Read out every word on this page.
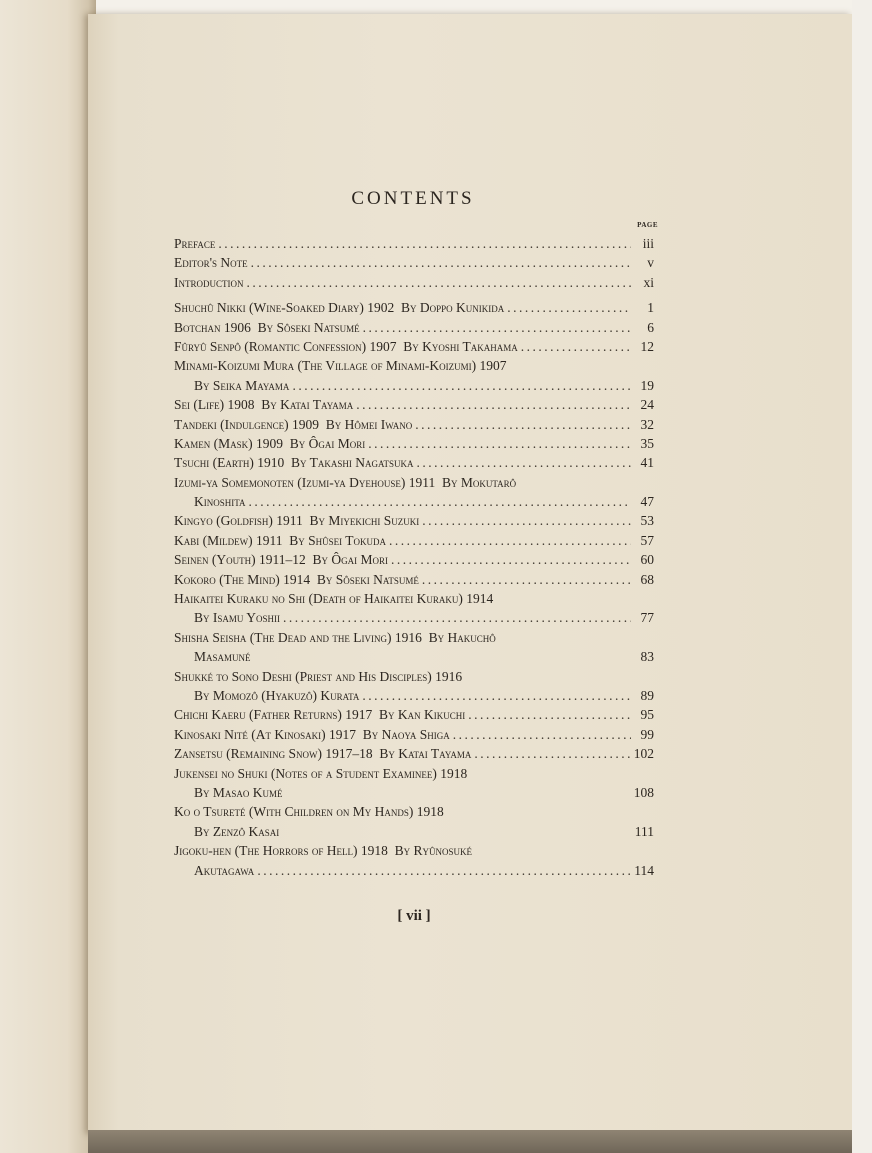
CONTENTS
PAGE
Preface .....	iii
Editor's Note .....	v
Introduction .....	xi
Shuchû Nikki (Wine-Soaked Diary) 1902
By Doppo Kunikida .....	1
Botchan 1906
By Sôseki Natsumé .....	6
Fûryû Senpô (Romantic Confession) 1907
By Kyoshi Takahama .....	12
Minami-Koizumi Mura (The Village of Minami-Koizumi) 1907
By Seika Mayama .....	19
Sei (Life) 1908
By Katai Tayama .....	24
Tandeki (Indulgence) 1909
By Hômei Iwano .....	32
Kamen (Mask) 1909
By Ôgai Mori .....	35
Tsuchi (Earth) 1910
By Takashi Nagatsuka .....	41
Izumi-ya Somemonoten (Izumi-ya Dyehouse) 1911
By Mokutarô
Kinoshita .....	47
Kingyo (Goldfish) 1911
By Miyekichi Suzuki .....	53
Kabi (Mildew) 1911
By Shûsei Tokuda .....	57
Seinen (Youth) 1911–12
By Ôgai Mori .....	60
Kokoro (The Mind) 1914
By Sôseki Natsumé .....	68
Haikaitei Kuraku no Shi (Death of Haikaitei Kuraku) 1914
By Isamu Yoshii .....	77
Shisha Seisha (The Dead and the Living) 1916
By Hakuchô
Masamuné	83
Shukké to Sono Deshi (Priest and His Disciples) 1916
By Momozô (Hyakuzô) Kurata .....	89
Chichi Kaeru (Father Returns) 1917
By Kan Kikuchi .....	95
Kinosaki Nité (At Kinosaki) 1917
By Naoya Shiga .....	99
Zansetsu (Remaining Snow) 1917–18
By Katai Tayama .....	102
Jukensei no Shuki (Notes of a Student Examinee) 1918
By Masao Kumé	108
Ko o Tsureté (With Children on My Hands) 1918
By Zenzô Kasai	111
Jigoku-hen (The Horrors of Hell) 1918
By Ryûnosuké
Akutagawa .....	114
[ vii ]
